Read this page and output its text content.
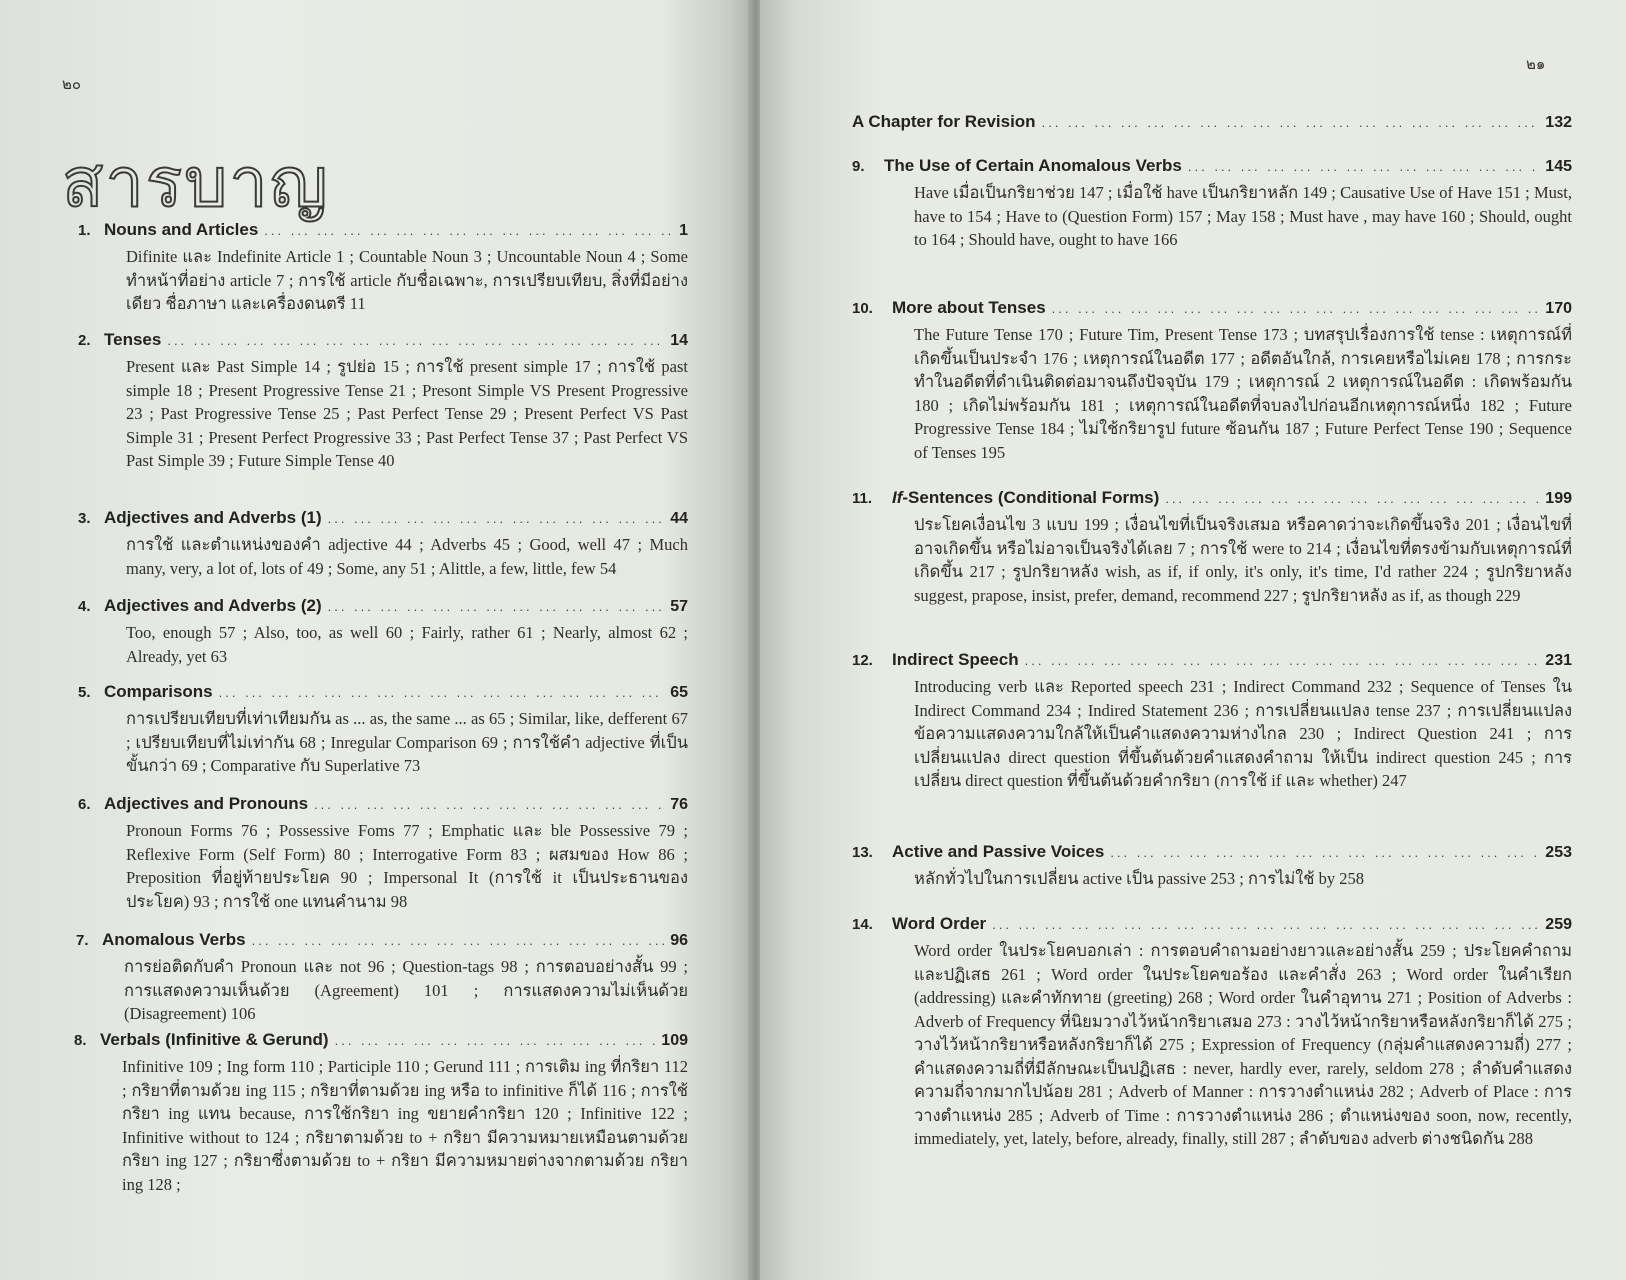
๒๐
สารบาญ
1. Nouns and Articles ... .	1
Difinite และ Indefinite Article 1 ; Countable Noun 3 ; Uncountable Noun 4 ; Some ทำหน้าที่อย่าง article 7 ; การใช้ article กับชื่อเฉพาะ, การเปรียบเทียบ, สิ่งที่มีอย่างเดียว ชื่อภาษา และเครื่องดนตรี 11
2. Tenses ... .	14
Present และ Past Simple 14 ; รูปย่อ 15 ; การใช้ present simple 17 ; การใช้ past simple 18 ; Present Progressive Tense 21 ; Presont Simple VS Present Progressive 23 ; Past Progressive Tense 25 ; Past Perfect Tense 29 ; Present Perfect VS Past Simple 31 ; Present Perfect Progressive 33 ; Past Perfect Tense 37 ; Past Perfect VS Past Simple 39 ; Future Simple Tense 40
3. Adjectives and Adverbs (1) ... .	44
การใช้ และตำแหน่งของคำ adjective 44 ; Adverbs 45 ; Good, well 47 ; Much many, very, a lot of, lots of 49 ; Some, any 51 ; Alittle, a few, little, few 54
4. Adjectives and Adverbs (2) ... .	57
Too, enough 57 ; Also, too, as well 60 ; Fairly, rather 61 ; Nearly, almost 62 ; Already, yet 63
5. Comparisons ... .	65
การเปรียบเทียบที่เท่าเทียมกัน as ... as, the same ... as 65 ; Similar, like, defferent 67 ; เปรียบเทียบที่ไม่เท่ากัน 68 ; Inregular Comparison 69 ; การใช้คำ adjective ที่เป็นขั้นกว่า 69 ; Comparative กับ Superlative 73
6. Adjectives and Pronouns ... .	76
Pronoun Forms 76 ; Possessive Foms 77 ; Emphatic และ ble Possessive 79 ; Reflexive Form (Self Form) 80 ; Interrogative Form 83 ; ผสมของ How 86 ; Preposition ที่อยู่ท้ายประโยค 90 ; Impersonal It (การใช้ it เป็นประธานของประโยค) 93 ; การใช้ one แทนคำนาม 98
7. Anomalous Verbs ... .	96
การย่อติดกับคำ Pronoun และ not 96 ; Question-tags 98 ; การตอบอย่างสั้น 99 ; การแสดงความเห็นด้วย (Agreement) 101 ; การแสดงความไม่เห็นด้วย (Disagreement) 106
8. Verbals (Infinitive & Gerund) ... .	109
Infinitive 109 ; Ing form 110 ; Participle 110 ; Gerund 111 ; การเติม ing ที่กริยา 112 ; กริยาที่ตามด้วย ing 115 ; กริยาที่ตามด้วย ing หรือ to infinitive ก็ได้ 116 ; การใช้กริยา ing แทน because, การใช้กริยา ing ขยายคำกริยา 120 ; Infinitive 122 ; Infinitive without to 124 ; กริยาตามด้วย to + กริยา มีความหมายเหมือนตามด้วยกริยา ing 127 ; กริยาซึ่งตามด้วย to + กริยา มีความหมายต่างจากตามด้วย กริยา ing 128 ;
๒๑
A Chapter for Revision ... .	132
9.	The Use of Certain Anomalous Verbs ... .	145
Have เมื่อเป็นกริยาช่วย 147 ; เมื่อใช้ have เป็นกริยาหลัก 149 ; Causative Use of Have 151 ; Must, have to 154 ; Have to (Question Form) 157 ; May 158 ; Must have , may have 160 ; Should, ought to 164 ; Should have, ought to have 166
10.	More about Tenses ... .	170
The Future Tense 170 ; Future Tim, Present Tense 173 ; บทสรุปเรื่องการใช้ tense : เหตุการณ์ที่เกิดขึ้นเป็นประจำ 176 ; เหตุการณ์ในอดีต 177 ; อดีตอันใกล้, การเคยหรือไม่เคย 178 ; การกระทำในอดีตที่ดำเนินติดต่อมาจนถึงปัจจุบัน 179 ; เหตุการณ์ 2 เหตุการณ์ในอดีต : เกิดพร้อมกัน 180 ; เกิดไม่พร้อมกัน 181 ; เหตุการณ์ในอดีตที่จบลงไปก่อนอีกเหตุการณ์หนึ่ง 182 ; Future Progressive Tense 184 ; ไม่ใช้กริยารูป future ซ้อนกัน 187 ; Future Perfect Tense 190 ; Sequence of Tenses 195
11.	If-Sentences (Conditional Forms) ... .	199
ประโยคเงื่อนไข 3 แบบ 199 ; เงื่อนไขที่เป็นจริงเสมอ หรือคาดว่าจะเกิดขึ้นจริง 201 ; เงื่อนไขที่อาจเกิดขึ้น หรือไม่อาจเป็นจริงได้เลย 7 ; การใช้ were to 214 ; เงื่อนไขที่ตรงข้ามกับเหตุการณ์ที่เกิดขึ้น 217 ; รูปกริยาหลัง wish, as if, if only, it's only, it's time, I'd rather 224 ; รูปกริยาหลัง suggest, prapose, insist, prefer, demand, recommend 227 ; รูปกริยาหลัง as if, as though 229
12.	Indirect Speech ... .	231
Introducing verb และ Reported speech 231 ; Indirect Command 232 ; Sequence of Tenses ใน Indirect Command 234 ; Indired Statement 236 ; การเปลี่ยนแปลง tense 237 ; การเปลี่ยนแปลงข้อความแสดงความใกล้ให้เป็นคำแสดงความห่างไกล 230 ; Indirect Question 241 ; การเปลี่ยนแปลง direct question ที่ขึ้นต้นด้วยคำแสดงคำถาม ให้เป็น indirect question 245 ; การเปลี่ยน direct question ที่ขึ้นต้นด้วยคำกริยา (การใช้ if และ whether) 247
13.	Active and Passive Voices ... .	253
หลักทั่วไปในการเปลี่ยน active เป็น passive 253 ; การไม่ใช้ by 258
14.	Word Order ... .	259
Word order ในประโยคบอกเล่า : การตอบคำถามอย่างยาวและอย่างสั้น 259 ; ประโยคคำถามและปฏิเสธ 261 ; Word order ในประโยคขอร้อง และคำสั่ง 263 ; Word order ในคำเรียก (addressing) และคำทักทาย (greeting) 268 ; Word order ในคำอุทาน 271 ; Position of Adverbs : Adverb of Frequency ที่นิยมวางไว้หน้ากริยาเสมอ 273 : วางไว้หน้ากริยาหรือหลังกริยาก็ได้ 275 ; วางไว้หน้ากริยาหรือหลังกริยาก็ได้ 275 ; Expression of Frequency (กลุ่มคำแสดงความถี่) 277 ; คำแสดงความถี่ที่มีลักษณะเป็นปฏิเสธ : never, hardly ever, rarely, seldom 278 ; ลำดับคำแสดงความถี่จากมากไปน้อย 281 ; Adverb of Manner : การวางตำแหน่ง 282 ; Adverb of Place : การวางตำแหน่ง 285 ; Adverb of Time : การวางตำแหน่ง 286 ; ตำแหน่งของ soon, now, recently, immediately, yet, lately, before, already, finally, still 287 ; ลำดับของ adverb ต่างชนิดกัน 288
